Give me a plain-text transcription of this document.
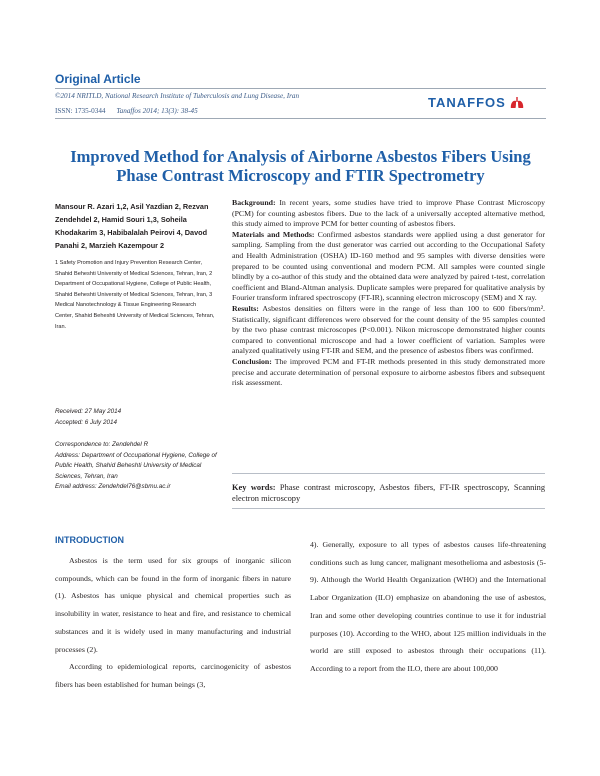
Original Article
©2014 NRITLD, National Research Institute of Tuberculosis and Lung Disease, Iran
ISSN: 1735-0344 Tanaffos 2014; 13(3): 38-45
TANAFFOS
Improved Method for Analysis of Airborne Asbestos Fibers Using Phase Contrast Microscopy and FTIR Spectrometry
Mansour R. Azari 1,2, Asil Yazdian 2, Rezvan Zendehdel 2, Hamid Souri 1,3, Soheila Khodakarim 3, Habibalalah Peirovi 4, Davod Panahi 2, Marzieh Kazempour 2
1 Safety Promotion and Injury Prevention Research Center, Shahid Beheshti University of Medical Sciences, Tehran, Iran, 2 Department of Occupational Hygiene, College of Public Health, Shahid Beheshti University of Medical Sciences, Tehran, Iran, 3 Medical Nanotechnology & Tissue Engineering Research Center, Shahid Beheshti University of Medical Sciences, Tehran, Iran.
Received: 27 May 2014
Accepted: 6 July 2014
Correspondence to: Zendehdel R
Address: Department of Occupational Hygiene, College of Public Health, Shahid Beheshti University of Medical Sciences, Tehran, Iran
Email address: Zendehdel76@sbmu.ac.ir

Background: In recent years, some studies have tried to improve Phase Contrast Microscopy (PCM) for counting asbestos fibers. Due to the lack of a universally accepted alternative method, this study aimed to improve PCM for better counting of asbestos fibers.

Materials and Methods: Confirmed asbestos standards were applied using a dust generator for sampling. Sampling from the dust generator was carried out according to the Occupational Safety and Health Administration (OSHA) ID-160 method and 95 samples with diverse densities were prepared to be counted using conventional and modern PCM. All samples were counted single blindly by a co-author of this study and the obtained data were analyzed by paired t-test, correlation coefficient and Bland-Altman analysis. Duplicate samples were prepared for qualitative analysis by Fourier transform infrared spectroscopy (FT-IR), scanning electron microscopy (SEM) and X ray.

Results: Asbestos densities on filters were in the range of less than 100 to 600 fibers/mm². Statistically, significant differences were observed for the count density of the 95 samples counted by the two phase contrast microscopes (P<0.001). Nikon microscope demonstrated higher counts compared to conventional microscope and had a lower coefficient of variation. Samples were analyzed qualitatively using FT-IR and SEM, and the presence of asbestos fibers was confirmed.

Conclusion: The improved PCM and FT-IR methods presented in this study demonstrated more precise and accurate determination of personal exposure to airborne asbestos fibers and subsequent risk assessment.

Key words: Phase contrast microscopy, Asbestos fibers, FT-IR spectroscopy, Scanning electron microscopy
INTRODUCTION

Asbestos is the term used for six groups of inorganic silicon compounds, which can be found in the form of inorganic fibers in nature (1). Asbestos has unique physical and chemical properties such as insolubility in water, resistance to heat and fire, and resistance to chemical substances and it is widely used in many manufacturing and industrial processes (2).

According to epidemiological reports, carcinogenicity of asbestos fibers has been established for human beings (3,

4). Generally, exposure to all types of asbestos causes life-threatening conditions such as lung cancer, malignant mesothelioma and asbestosis (5-9). Although the World Health Organization (WHO) and the International Labor Organization (ILO) emphasize on abandoning the use of asbestos, Iran and some other developing countries continue to use it for industrial purposes (10). According to the WHO, about 125 million individuals in the world are still exposed to asbestos through their occupations (11). According to a report from the ILO, there are about 100,000
